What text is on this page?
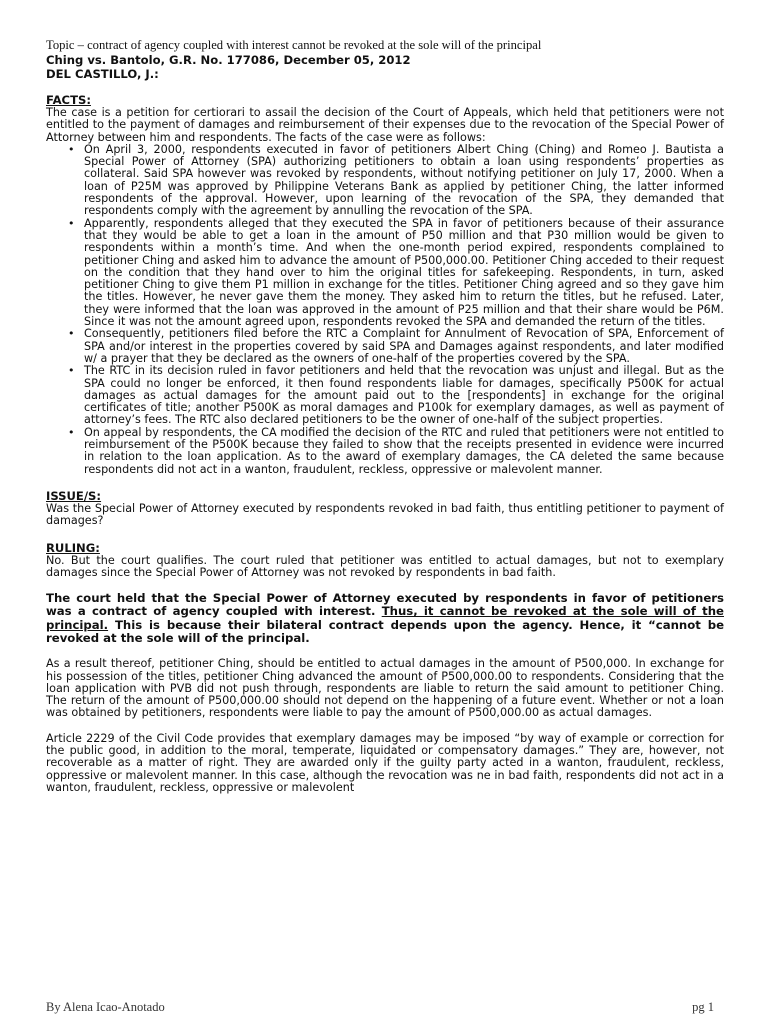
Topic – contract of agency coupled with interest cannot be revoked at the sole will of the principal
Ching vs. Bantolo, G.R. No. 177086, December 05, 2012
DEL CASTILLO, J.:
FACTS:

The case is a petition for certiorari to assail the decision of the Court of Appeals, which held that petitioners were not entitled to the payment of damages and reimbursement of their expenses due to the revocation of the Special Power of Attorney between him and respondents. The facts of the case were as follows:

• On April 3, 2000, respondents executed in favor of petitioners Albert Ching (Ching) and Romeo J. Bautista a Special Power of Attorney (SPA) authorizing petitioners to obtain a loan using respondents’ properties as collateral. Said SPA however was revoked by respondents, without notifying petitioner on July 17, 2000. When a loan of P25M was approved by Philippine Veterans Bank as applied by petitioner Ching, the latter informed respondents of the approval. However, upon learning of the revocation of the SPA, they demanded that respondents comply with the agreement by annulling the revocation of the SPA.
• Apparently, respondents alleged that they executed the SPA in favor of petitioners because of their assurance that they would be able to get a loan in the amount of P50 million and that P30 million would be given to respondents within a month’s time. And when the one-month period expired, respondents complained to petitioner Ching and asked him to advance the amount of P500,000.00. Petitioner Ching acceded to their request on the condition that they hand over to him the original titles for safekeeping. Respondents, in turn, asked petitioner Ching to give them P1 million in exchange for the titles. Petitioner Ching agreed and so they gave him the titles. However, he never gave them the money. They asked him to return the titles, but he refused. Later, they were informed that the loan was approved in the amount of P25 million and that their share would be P6M. Since it was not the amount agreed upon, respondents revoked the SPA and demanded the return of the titles.
• Consequently, petitioners filed before the RTC a Complaint for Annulment of Revocation of SPA, Enforcement of SPA and/or interest in the properties covered by said SPA and Damages against respondents, and later modified w/ a prayer that they be declared as the owners of one-half of the properties covered by the SPA.
• The RTC in its decision ruled in favor petitioners and held that the revocation was unjust and illegal. But as the SPA could no longer be enforced, it then found respondents liable for damages, specifically P500K for actual damages as actual damages for the amount paid out to the [respondents] in exchange for the original certificates of title; another P500K as moral damages and P100k for exemplary damages, as well as payment of attorney’s fees. The RTC also declared petitioners to be the owner of one-half of the subject properties.
• On appeal by respondents, the CA modified the decision of the RTC and ruled that petitioners were not entitled to reimbursement of the P500K because they failed to show that the receipts presented in evidence were incurred in relation to the loan application. As to the award of exemplary damages, the CA deleted the same because respondents did not act in a wanton, fraudulent, reckless, oppressive or malevolent manner.
ISSUE/S:

Was the Special Power of Attorney executed by respondents revoked in bad faith, thus entitling petitioner to payment of damages?

RULING:

No. But the court qualifies. The court ruled that petitioner was entitled to actual damages, but not to exemplary damages since the Special Power of Attorney was not revoked by respondents in bad faith.

The court held that the Special Power of Attorney executed by respondents in favor of petitioners was a contract of agency coupled with interest. Thus, it cannot be revoked at the sole will of the principal. This is because their bilateral contract depends upon the agency. Hence, it “cannot be revoked at the sole will of the principal.

As a result thereof, petitioner Ching, should be entitled to actual damages in the amount of P500,000. In exchange for his possession of the titles, petitioner Ching advanced the amount of P500,000.00 to respondents. Considering that the loan application with PVB did not push through, respondents are liable to return the said amount to petitioner Ching. The return of the amount of P500,000.00 should not depend on the happening of a future event. Whether or not a loan was obtained by petitioners, respondents were liable to pay the amount of P500,000.00 as actual damages.

Article 2229 of the Civil Code provides that exemplary damages may be imposed “by way of example or correction for the public good, in addition to the moral, temperate, liquidated or compensatory damages.” They are, however, not recoverable as a matter of right. They are awarded only if the guilty party acted in a wanton, fraudulent, reckless, oppressive or malevolent manner. In this case, although the revocation was ne in bad faith, respondents did not act in a wanton, fraudulent, reckless, oppressive or malevolent

By Alena Icao-Anotado	pg 1
